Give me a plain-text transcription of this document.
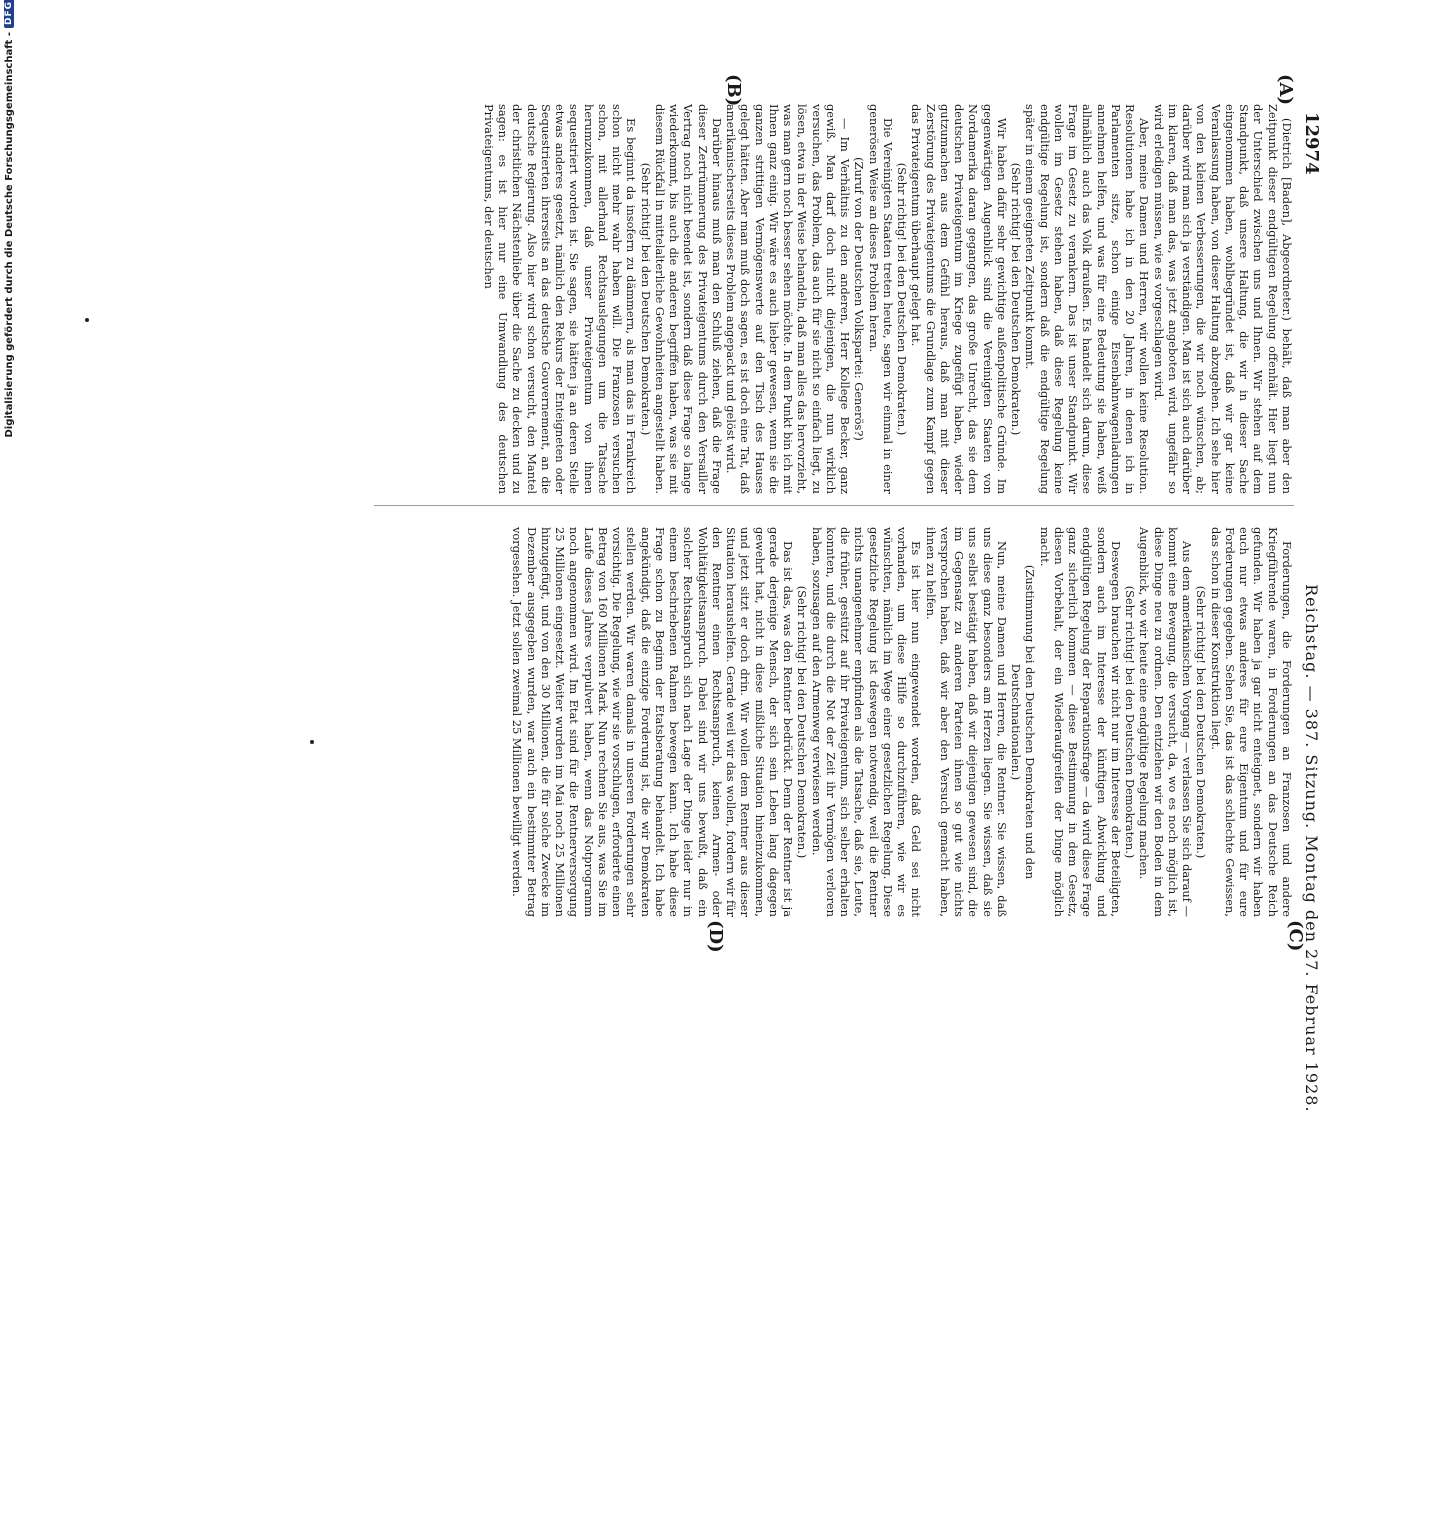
12974
Reichstag. — 387. Sitzung. Montag den 27. Februar 1928.
(A)
(B)
(C)
(D)

(Dietrich [Baden], Abgeordneter.) behält, daß man aber den Zeitpunkt dieser endgültigen Regelung offenhält. Hier liegt nun der Unterschied zwischen uns und Ihnen. Wir stehen auf dem Standpunkt, daß unsere Haltung, die wir in dieser Sache eingenommen haben, wohlbegründet ist, daß wir gar keine Veranlassung haben, von dieser Haltung abzugehen. Ich sehe hier von den kleinen Verbesserungen, die wir noch wünschen, ab; darüber wird man sich ja verständigen. Man ist sich auch darüber im klaren, daß man das, was jetzt angeboten wird, ungefähr so wird erledigen müssen, wie es vorgeschlagen wird.

Aber, meine Damen und Herren, wir wollen keine Resolution. Resolutionen habe ich in den 20 Jahren, in denen ich in Parlamenten sitze, schon einige Eisenbahnwagenladungen annehmen helfen, und was für eine Bedeutung sie haben, weiß allmählich auch das Volk draußen. Es handelt sich darum, diese Frage im Gesetz zu verankern. Das ist unser Standpunkt. Wir wollen im Gesetz stehen haben, daß diese Regelung keine endgültige Regelung ist, sondern daß die endgültige Regelung später in einem geeigneten Zeitpunkt kommt.

(Sehr richtig! bei den Deutschen Demokraten.)

Wir haben dafür sehr gewichtige außenpolitische Gründe. Im gegenwärtigen Augenblick sind die Vereinigten Staaten von Nordamerika daran gegangen, das große Unrecht, das sie dem deutschen Privateigentum im Kriege zugefügt haben, wieder gutzumachen aus dem Gefühl heraus, daß man mit dieser Zerstörung des Privateigentums die Grundlage zum Kampf gegen das Privateigentum überhaupt gelegt hat.

(Sehr richtig! bei den Deutschen Demokraten.)

Die Vereinigten Staaten treten heute, sagen wir einmal in einer generösen Weise an dieses Problem heran.

(Zuruf von der Deutschen Volkspartei: Generös?)

— Im Verhältnis zu den anderen, Herr Kollege Becker, ganz gewiß. Man darf doch nicht diejenigen, die nun wirklich versuchen, das Problem, das auch für sie nicht so einfach liegt, zu lösen, etwa in der Weise behandeln, daß man alles das hervorzieht, was man gern noch besser sehen möchte. In dem Punkt bin ich mit Ihnen ganz einig. Wir wäre es auch lieber gewesen, wenn sie die ganzen strittigen Vermögenswerte auf den Tisch des Hauses gelegt hätten. Aber man muß doch sagen, es ist doch eine Tat, daß amerikanischerseits dieses Problem angepackt und gelöst wird.

Darüber hinaus muß man den Schluß ziehen, daß die Frage dieser Zertrümmerung des Privateigentums durch den Versailler Vertrag noch nicht beendet ist, sondern daß diese Frage so lange wiederkommt, bis auch die anderen begriffen haben, was sie mit diesem Rückfall in mittelalterliche Gewohnheiten angestellt haben.

(Sehr richtig! bei den Deutschen Demokraten.)

Es beginnt da insofern zu dämmern, als man das in Frankreich schon nicht mehr wahr haben will. Die Franzosen versuchen schon, mit allerhand Rechtsauslegungen um die Tatsache herumzukommen, daß unser Privateigentum von ihnen sequestriert worden ist. Sie sagen, sie hätten ja an deren Stelle etwas anderes gesetzt, nämlich den Rekurs der Enteigneten oder Sequestrierten ihrerseits an das deutsche Gouvernement, an die deutsche Regierung. Also hier wird schon versucht, den Mantel der christlichen Nächstenliebe über die Sache zu decken und zu sagen: es ist hier nur eine Umwandlung des deutschen Privateigentums, der deutschen

Forderungen, die Forderungen an Franzosen und andere Kriegführende waren, in Forderungen an das Deutsche Reich gefunden. Wir haben ja gar nicht enteignet, sondern wir haben euch nur etwas anderes für eure Eigentum und für eure Forderungen gegeben. Sehen Sie, das ist das schlechte Gewissen, das schon in dieser Konstruktion liegt.

(Sehr richtig! bei den Deutschen Demokraten.)

Aus dem amerikanischen Vorgang — verlassen Sie sich darauf — kommt eine Bewegung, die versucht, da, wo es noch möglich ist, diese Dinge neu zu ordnen. Den entziehen wir den Boden in dem Augenblick, wo wir heute eine endgültige Regelung machen.

(Sehr richtig! bei den Deutschen Demokraten.)

Deswegen brauchen wir nicht nur im Interesse der Beteiligten, sondern auch im Interesse der künftigen Abwicklung und endgültigen Regelung der Reparationsfrage — da wird diese Frage ganz sicherlich kommen — diese Bestimmung in dem Gesetz, diesen Vorbehalt, der ein Wiederaufgreifen der Dinge möglich macht.

(Zustimmung bei den Deutschen Demokraten und den Deutschnationalen.)

Nun, meine Damen und Herren, die Rentner. Sie wissen, daß uns diese ganz besonders am Herzen liegen. Sie wissen, daß sie uns selbst bestätigt haben, daß wir diejenigen gewesen sind, die im Gegensatz zu anderen Parteien ihnen so gut wie nichts versprochen haben, daß wir aber den Versuch gemacht haben, ihnen zu helfen.

Es ist hier nun eingewendet worden, daß Geld sei nicht vorhanden, um diese Hilfe so durchzuführen, wie wir es wünschten, nämlich im Wege einer gesetzlichen Regelung. Diese gesetzliche Regelung ist deswegen notwendig, weil die Rentner nichts unangenehmer empfinden als die Tatsache, daß sie, Leute, die früher, gestützt auf ihr Privateigentum, sich selber erhalten konnten, und die durch die Not der Zeit ihr Vermögen verloren haben, sozusagen auf den Armenweg verwiesen werden.

(Sehr richtig! bei den Deutschen Demokraten.)

Das ist das, was den Rentner bedrückt. Denn der Rentner ist ja gerade derjenige Mensch, der sich sein Leben lang dagegen gewehrt hat, nicht in diese mißliche Situation hineinzukommen, und jetzt sitzt er doch drin. Wir wollen dem Rentner aus dieser Situation heraushelfen. Gerade weil wir das wollen, fordern wir für den Rentner einen Rechtsanspruch, keinen Armen- oder Wohltätigkeitsanspruch. Dabei sind wir uns bewußt, daß ein solcher Rechtsanspruch sich nach Lage der Dinge leider nur in einem beschriebenen Rahmen bewegen kann. Ich habe diese Frage schon zu Beginn der Etatsberatung behandelt. Ich habe angekündigt, daß die einzige Forderung ist, die wir Demokraten stellen werden. Wir waren damals in unseren Forderungen sehr vorsichtig. Die Regelung, wie wir sie vorschlugen, erforderte einen Betrag von 160 Millionen Mark. Nun rechnen Sie aus, was Sie im Laufe dieses Jahres verpulvert haben, wenn das Notprogramm noch angenommen wird. Im Etat sind für die Rentnerversorgung 25 Millionen eingesetzt. Weiter wurden im Mai noch 25 Millionen hinzugefügt, und von den 30 Millionen, die für solche Zwecke im Dezember ausgegeben wurden, war auch ein bestimmter Betrag vorgesehen. Jetzt sollen zweimal 25 Millionen bewilligt werden.

Digitalisierung gefördert durch die Deutsche Forschungsgemeinschaft -
DFG
